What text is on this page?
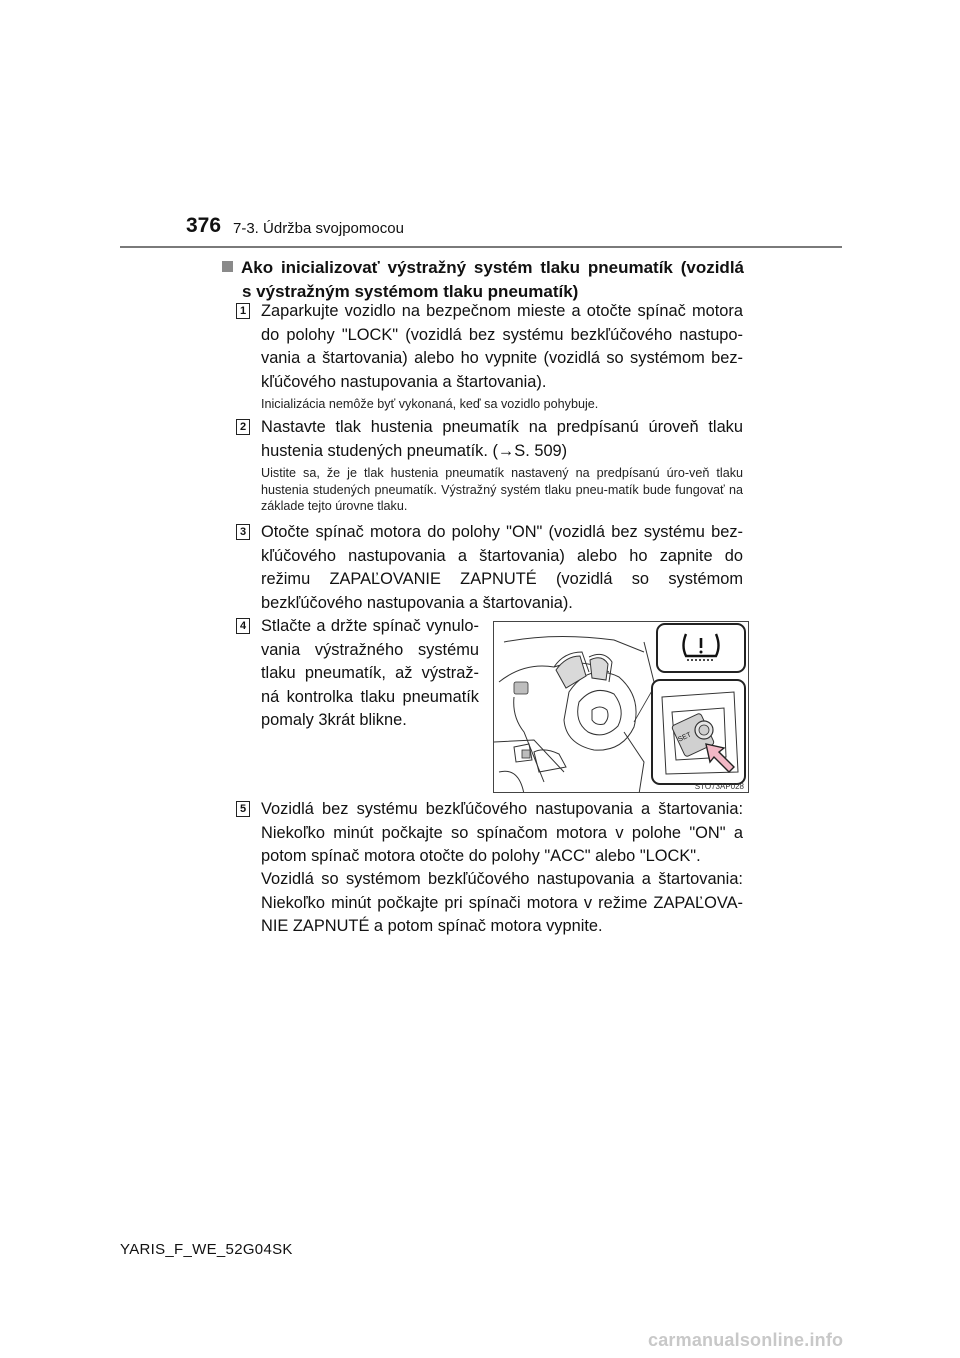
376 7-3. Údržba svojpomocou
Ako inicializovať výstražný systém tlaku pneumatík (vozidlá
s výstražným systémom tlaku pneumatík)
1 Zaparkujte vozidlo na bezpečnom mieste a otočte spínač motora do polohy "LOCK" (vozidlá bez systému bezkľúčového nastupo-vania a štartovania) alebo ho vypnite (vozidlá so systémom bez-kľúčového nastupovania a štartovania).
Inicializácia nemôže byť vykonaná, keď sa vozidlo pohybuje.
2 Nastavte tlak hustenia pneumatík na predpísanú úroveň tlaku hustenia studených pneumatík. (→S. 509)
Uistite sa, že je tlak hustenia pneumatík nastavený na predpísanú úro-veň tlaku hustenia studených pneumatík. Výstražný systém tlaku pneu-matík bude fungovať na základe tejto úrovne tlaku.
3 Otočte spínač motora do polohy "ON" (vozidlá bez systému bez-kľúčového nastupovania a štartovania) alebo ho zapnite do režimu ZAPAĽOVANIE ZAPNUTÉ (vozidlá so systémom bezkľúčového nastupovania a štartovania).
4 Stlačte a držte spínač vynulo-vania výstražného systému tlaku pneumatík, až výstraž-ná kontrolka tlaku pneumatík pomaly 3krát blikne.
SET
STO73AP028
5 Vozidlá bez systému bezkľúčového nastupovania a štartovania: Niekoľko minút počkajte so spínačom motora v polohe "ON" a potom spínač motora otočte do polohy "ACC" alebo "LOCK".
Vozidlá so systémom bezkľúčového nastupovania a štartovania: Niekoľko minút počkajte pri spínači motora v režime ZAPAĽOVA-NIE ZAPNUTÉ a potom spínač motora vypnite.
YARIS_F_WE_52G04SK
carmanualsonline.info
